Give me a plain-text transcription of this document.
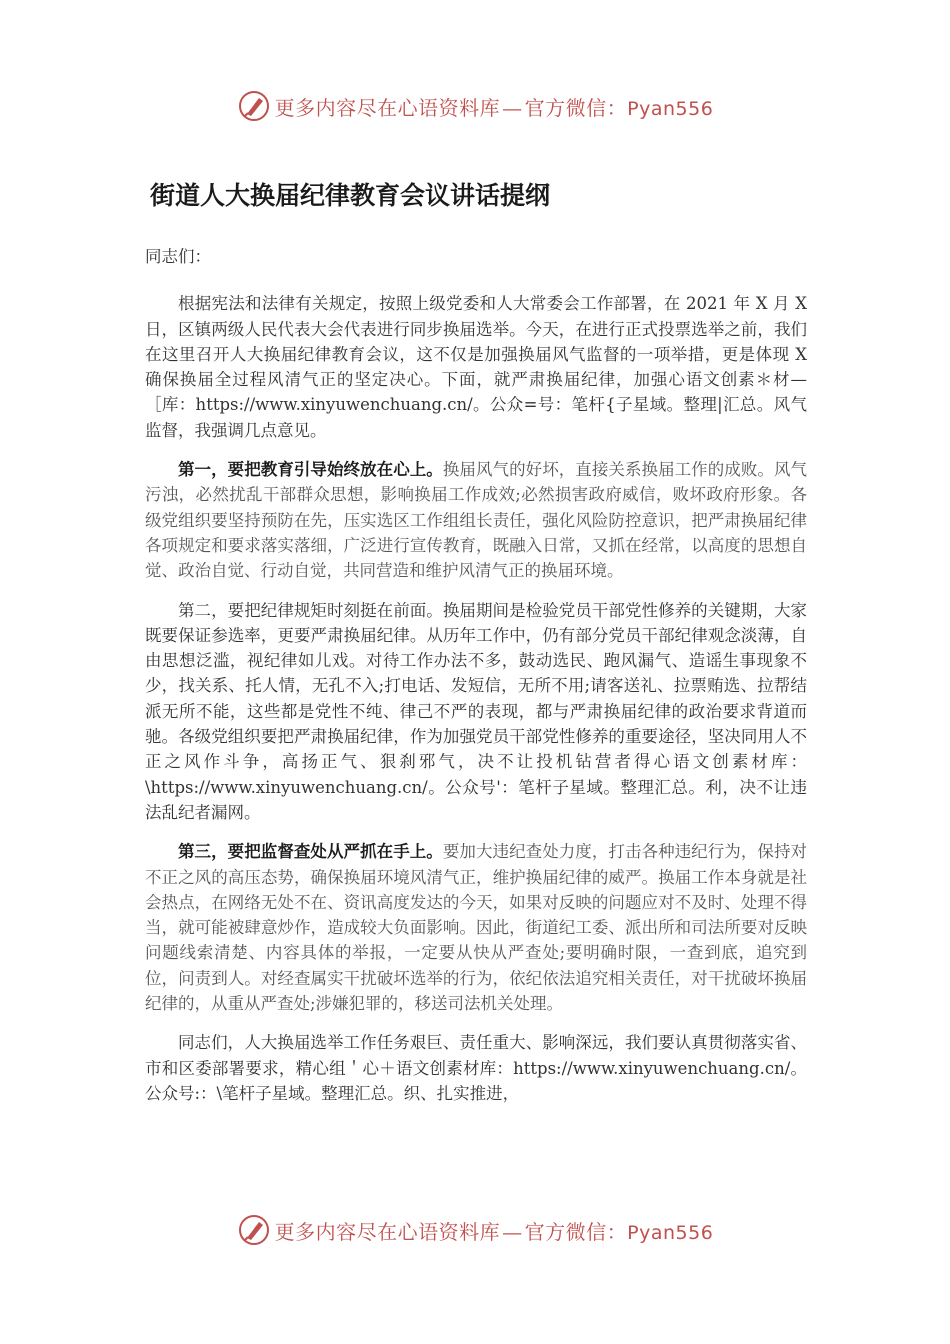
更多内容尽在心语资料库 — 官方微信：Pyan556
街道人大换届纪律教育会议讲话提纲

同志们：

根据宪法和法律有关规定，按照上级党委和人大常委会工作部署，在 2021 年 X 月 X 日，区镇两级人民代表大会代表进行同步换届选举。今天，在进行正式投票选举之前，我们在这里召开人大换届纪律教育会议，这不仅是加强换届风气监督的一项举措，更是体现 X 确保换届全过程风清气正的坚定决心。下面，就严肃换届纪律，加强心语文创素＊材—［库：https://www.xinyuwenchuang.cn/。公众=号：笔杆{子星域。整理|汇总。风气监督，我强调几点意见。

第一，要把教育引导始终放在心上。换届风气的好坏，直接关系换届工作的成败。风气污浊，必然扰乱干部群众思想，影响换届工作成效;必然损害政府威信，败坏政府形象。各级党组织要坚持预防在先，压实选区工作组组长责任，强化风险防控意识，把严肃换届纪律各项规定和要求落实落细，广泛进行宣传教育，既融入日常，又抓在经常，以高度的思想自觉、政治自觉、行动自觉，共同营造和维护风清气正的换届环境。

第二，要把纪律规矩时刻挺在前面。换届期间是检验党员干部党性修养的关键期，大家既要保证参选率，更要严肃换届纪律。从历年工作中，仍有部分党员干部纪律观念淡薄，自由思想泛滥，视纪律如儿戏。对待工作办法不多，鼓动选民、跑风漏气、造谣生事现象不少，找关系、托人情，无孔不入;打电话、发短信，无所不用;请客送礼、拉票贿选、拉帮结派无所不能，这些都是党性不纯、律己不严的表现，都与严肃换届纪律的政治要求背道而驰。各级党组织要把严肃换届纪律，作为加强党员干部党性修养的重要途径，坚决同用人不正之风作斗争，高扬正气、狠刹邪气，决不让投机钻营者得心语文创素材库：\https://www.xinyuwenchuang.cn/。公众号'：笔杆子星域。整理汇总。利，决不让违法乱纪者漏网。

第三，要把监督查处从严抓在手上。要加大违纪查处力度，打击各种违纪行为，保持对不正之风的高压态势，确保换届环境风清气正，维护换届纪律的威严。换届工作本身就是社会热点，在网络无处不在、资讯高度发达的今天，如果对反映的问题应对不及时、处理不得当，就可能被肆意炒作，造成较大负面影响。因此，街道纪工委、派出所和司法所要对反映问题线索清楚、内容具体的举报，一定要从快从严查处;要明确时限，一查到底，追究到位，问责到人。对经查属实干扰破坏选举的行为，依纪依法追究相关责任，对干扰破坏换届纪律的，从重从严查处;涉嫌犯罪的，移送司法机关处理。

同志们，人大换届选举工作任务艰巨、责任重大、影响深远，我们要认真贯彻落实省、市和区委部署要求，精心组＇心＋语文创素材库：https://www.xinyuwenchuang.cn/。公众号:：\笔杆子星域。整理汇总。织、扎实推进，

更多内容尽在心语资料库 — 官方微信：Pyan556
